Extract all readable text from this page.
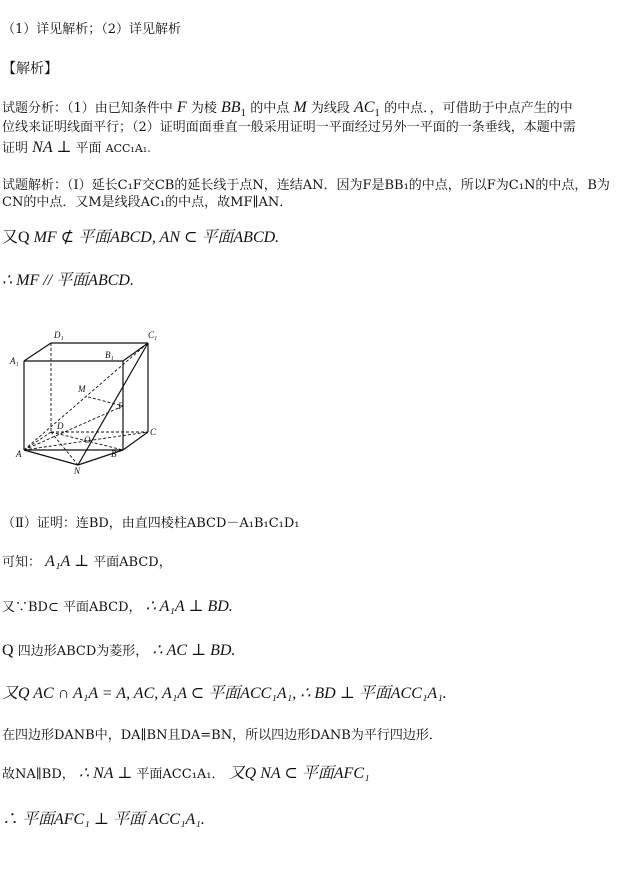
（1）详见解析；（2）详见解析
【解析】
试题分析：（1）由已知条件中 F 为棱 $BB_1$ 的中点 M 为线段 $AC_1$ 的中点．，可借助于中点产生的中
位线来证明线面平行；（2）证明面面垂直一般采用证明一平面经过另外一平面的一条垂线，本题中需
证明 NA ⊥ 平面 ACC₁A₁.
试题解析：（Ⅰ）延长C₁F交CB的延长线于点N，连结AN．因为F是BB₁的中点，所以F为C₁N的中点，B为
CN的中点．又M是线段AC₁的中点，故MF∥AN．
又Q MF ⊄ 平面ABCD, AN ⊂ 平面ABCD.
∴ MF // 平面ABCD.
D₁	C₁
A₁
B₁
M
F
D
C
O
A	B
N
（Ⅱ）证明：连BD，由直四棱柱ABCD－A₁B₁C₁D₁
可知： A₁A ⊥ 平面ABCD，
又∵BD⊂ 平面ABCD， ∴ A₁A ⊥ BD.
Q 四边形ABCD为菱形， ∴ AC ⊥ BD.
又Q AC ∩ A₁A = A, AC, A₁A ⊂ 平面ACC₁A₁, ∴ BD ⊥ 平面ACC₁A₁.
在四边形DANB中，DA∥BN且DA=BN，所以四边形DANB为平行四边形．
故NA∥BD， ∴ NA ⊥ 平面ACC₁A₁． 又Q NA ⊂ 平面AFC₁
∴ 平面AFC₁ ⊥ 平面 ACC₁A₁.
